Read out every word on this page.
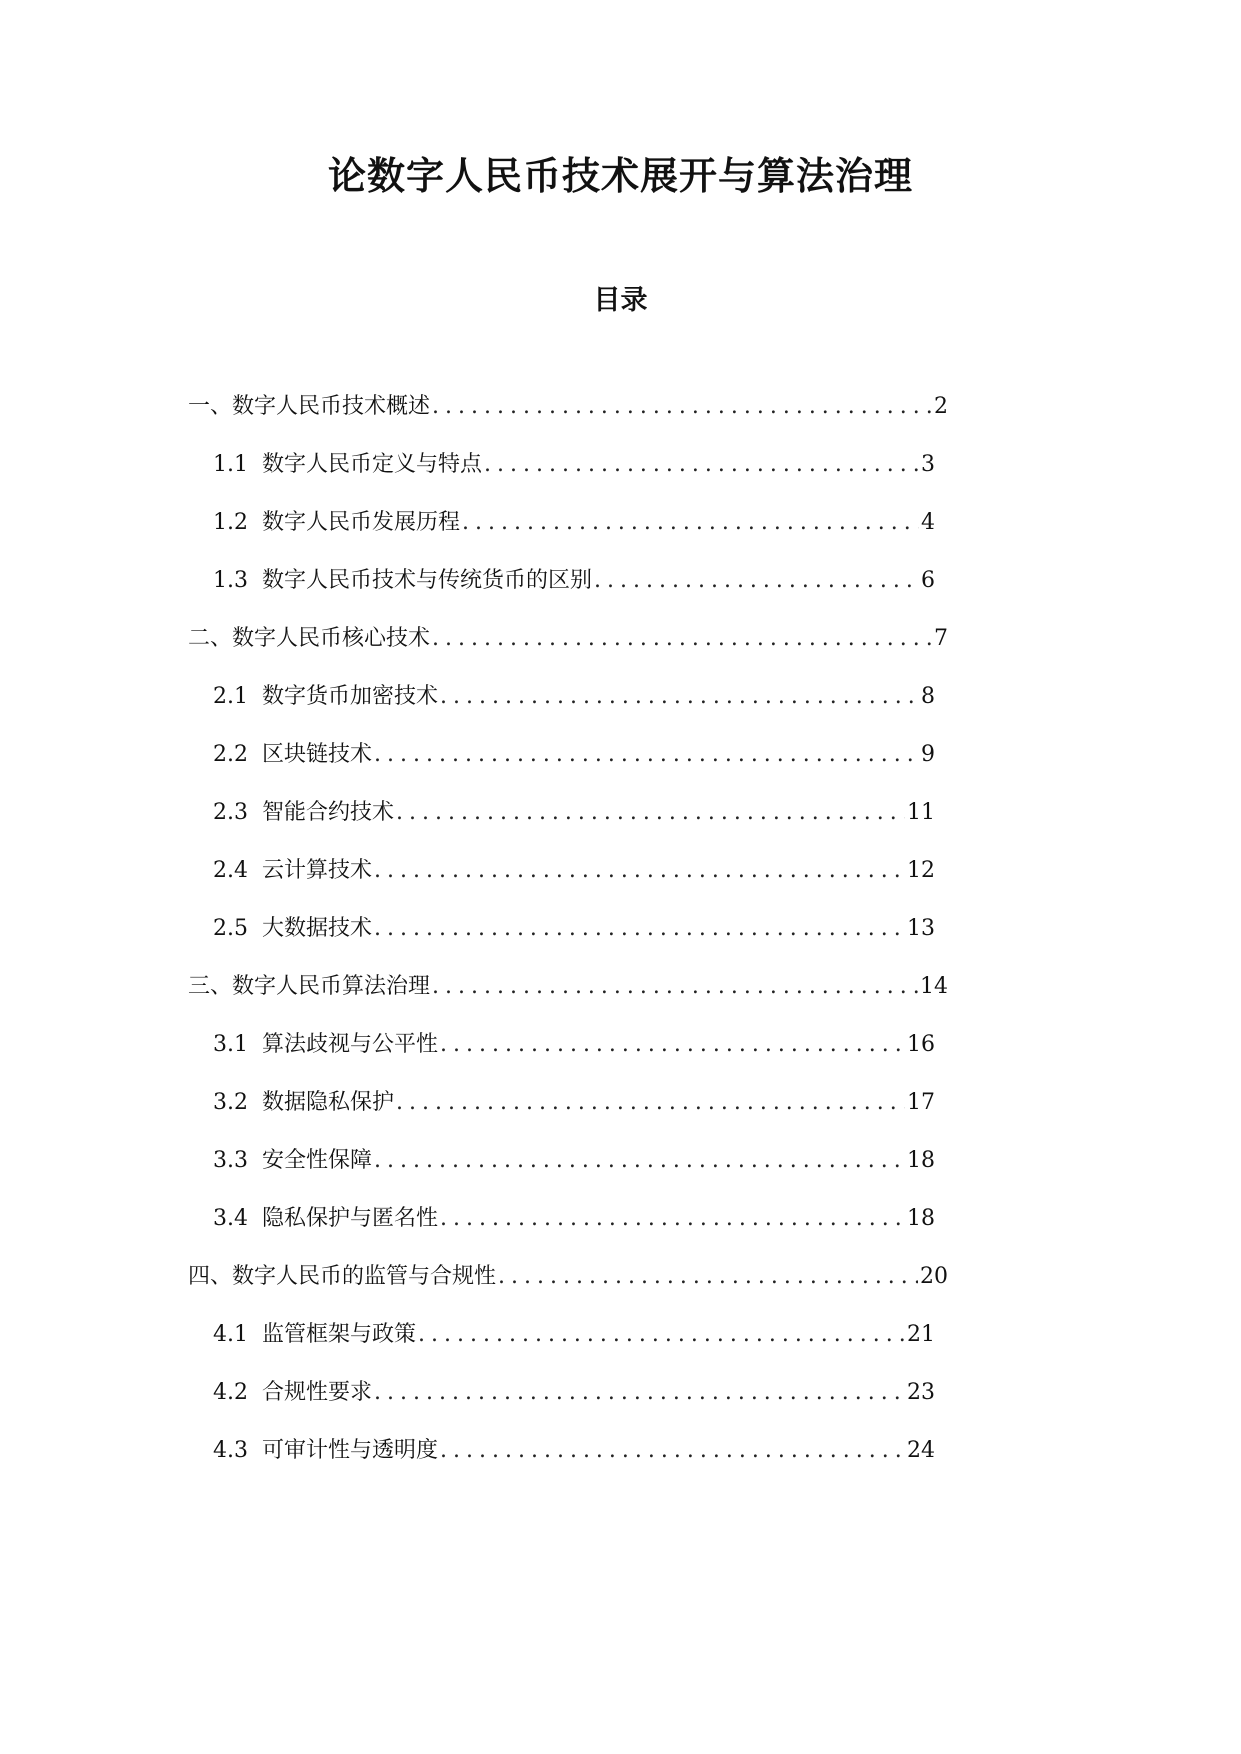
论数字人民币技术展开与算法治理
目录
一、数字人民币技术概述 .....	2
1.1 数字人民币定义与特点 .....	3
1.2 数字人民币发展历程 .....	4
1.3 数字人民币技术与传统货币的区别 .....	6
二、数字人民币核心技术 .....	7
2.1 数字货币加密技术 .....	8
2.2 区块链技术 .....	9
2.3 智能合约技术 .....	11
2.4 云计算技术 .....	12
2.5 大数据技术 .....	13
三、数字人民币算法治理 .....	14
3.1 算法歧视与公平性 .....	16
3.2 数据隐私保护 .....	17
3.3 安全性保障 .....	18
3.4 隐私保护与匿名性 .....	18
四、数字人民币的监管与合规性 .....	20
4.1 监管框架与政策 .....	21
4.2 合规性要求 .....	23
4.3 可审计性与透明度 .....	24
